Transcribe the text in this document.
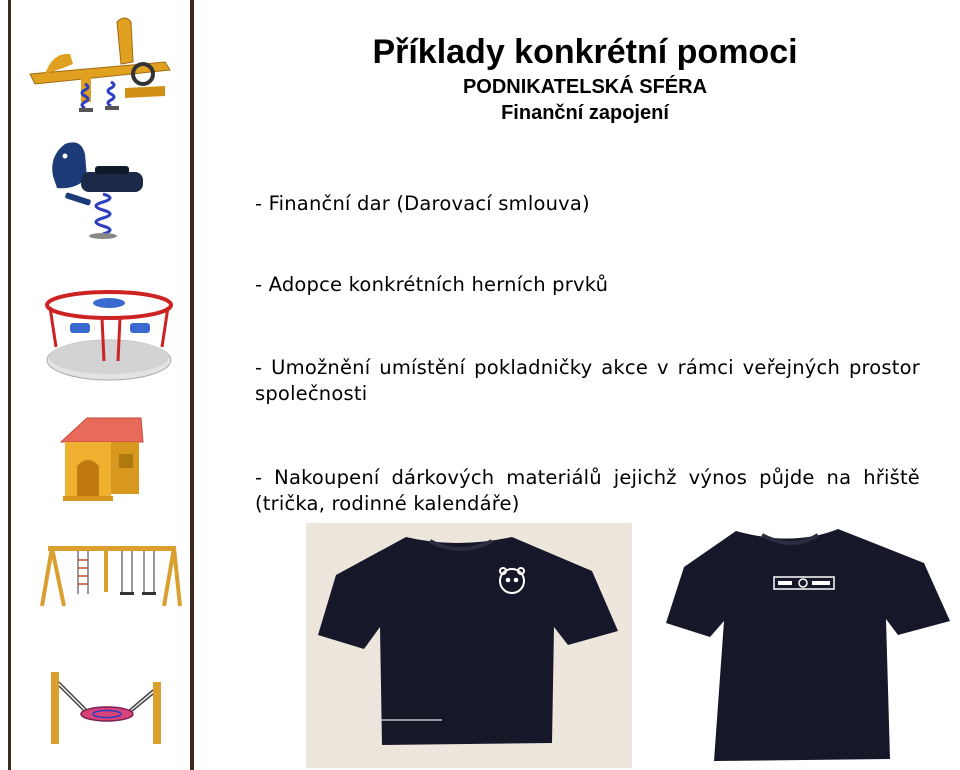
Příklady konkrétní pomoci
PODNIKATELSKÁ SFÉRA
Finanční zapojení
- Finanční dar (Darovací smlouva)
- Adopce konkrétních herních prvků
- Umožnění umístění pokladničky akce v rámci veřejných prostor společnosti
- Nakoupení dárkových materiálů jejichž výnos půjde na hřiště (trička, rodinné kalendáře)
